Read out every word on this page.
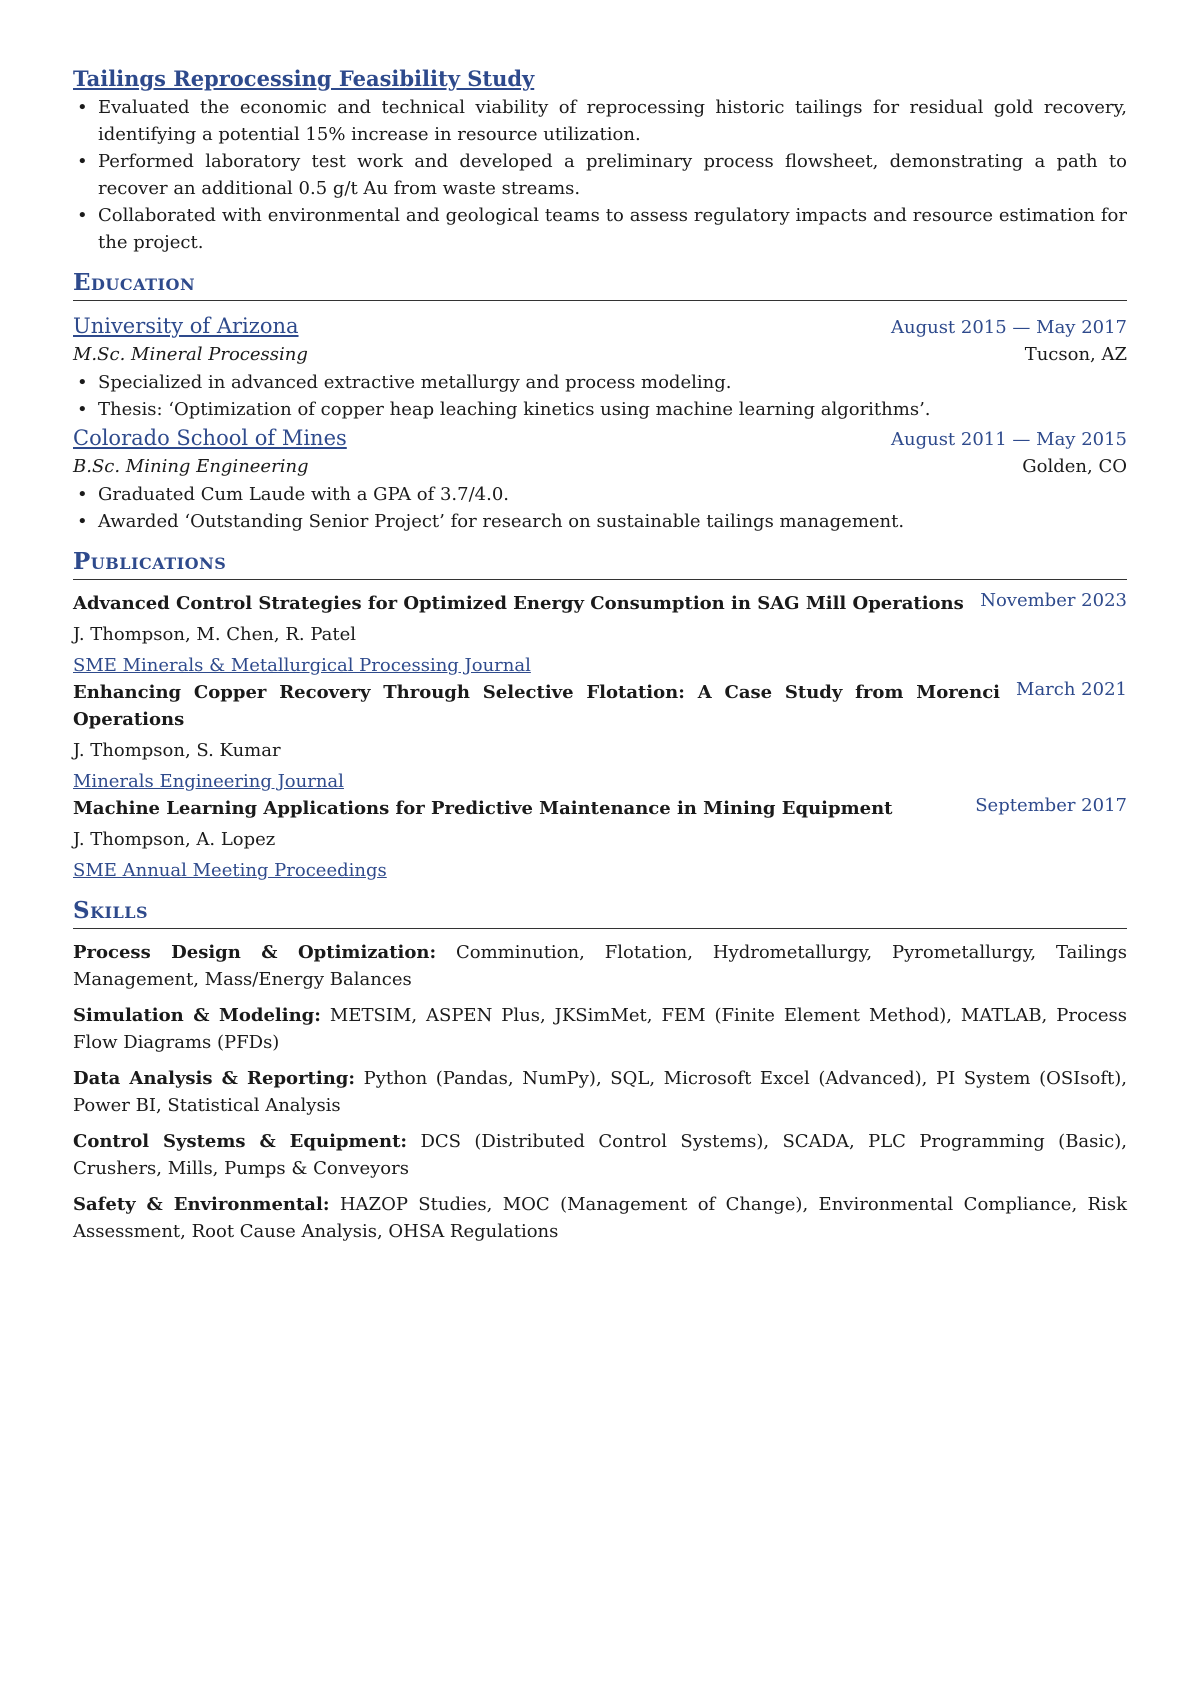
Tailings Reprocessing Feasibility Study
• Evaluated the economic and technical viability of reprocessing historic tailings for residual gold recovery, identifying a potential 15% increase in resource utilization.
• Performed laboratory test work and developed a preliminary process flowsheet, demonstrating a path to recover an additional 0.5 g/t Au from waste streams.
• Collaborated with environmental and geological teams to assess regulatory impacts and resource estimation for the project.
Education
University of Arizona	August 2015 — May 2017
M.Sc. Mineral Processing	Tucson, AZ
• Specialized in advanced extractive metallurgy and process modeling.
• Thesis: ‘Optimization of copper heap leaching kinetics using machine learning algorithms’.
Colorado School of Mines	August 2011 — May 2015
B.Sc. Mining Engineering	Golden, CO
• Graduated Cum Laude with a GPA of 3.7/4.0.
• Awarded ‘Outstanding Senior Project’ for research on sustainable tailings management.
Publications
Advanced Control Strategies for Optimized Energy Consumption in SAG Mill Operations November 2023
J. Thompson, M. Chen, R. Patel
SME Minerals & Metallurgical Processing Journal
Enhancing Copper Recovery Through Selective Flotation: A Case Study from Morenci Operations
March 2021
J. Thompson, S. Kumar
Minerals Engineering Journal
Machine Learning Applications for Predictive Maintenance in Mining Equipment	September 2017
J. Thompson, A. Lopez
SME Annual Meeting Proceedings
Skills
Process Design & Optimization: Comminution, Flotation, Hydrometallurgy, Pyrometallurgy, Tailings Management, Mass/Energy Balances
Simulation & Modeling: METSIM, ASPEN Plus, JKSimMet, FEM (Finite Element Method), MATLAB, Process Flow Diagrams (PFDs)
Data Analysis & Reporting: Python (Pandas, NumPy), SQL, Microsoft Excel (Advanced), PI System (OSIsoft), Power BI, Statistical Analysis
Control Systems & Equipment: DCS (Distributed Control Systems), SCADA, PLC Programming (Basic), Crushers, Mills, Pumps & Conveyors
Safety & Environmental: HAZOP Studies, MOC (Management of Change), Environmental Compliance, Risk Assessment, Root Cause Analysis, OHSA Regulations
